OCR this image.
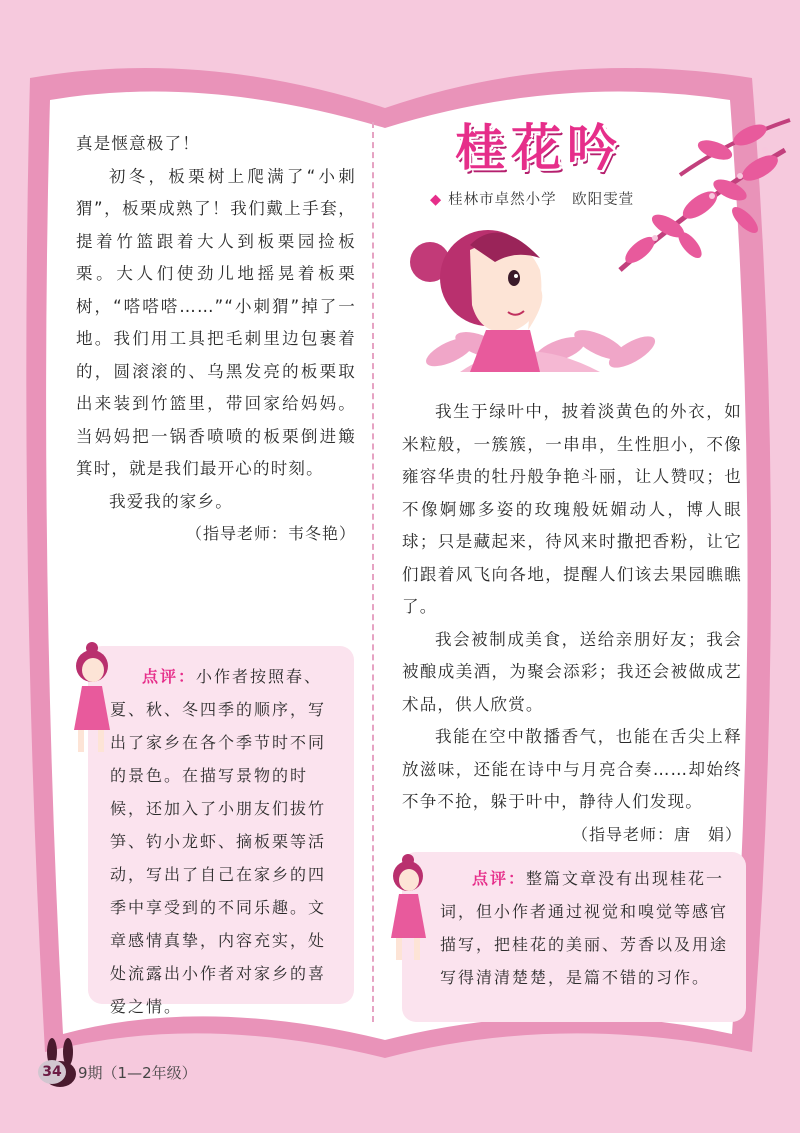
真是惬意极了！

初冬，板栗树上爬满了“小刺猬”，板栗成熟了！我们戴上手套，提着竹篮跟着大人到板栗园捡板栗。大人们使劲儿地摇晃着板栗树，“嗒嗒嗒……”“小刺猬”掉了一地。我们用工具把毛刺里边包裹着的，圆滚滚的、乌黑发亮的板栗取出来装到竹篮里，带回家给妈妈。当妈妈把一锅香喷喷的板栗倒进簸箕时，就是我们最开心的时刻。

我爱我的家乡。

（指导老师：韦冬艳）

点评：小作者按照春、夏、秋、冬四季的顺序，写出了家乡在各个季节时不同的景色。在描写景物的时候，还加入了小朋友们拔竹笋、钓小龙虾、摘板栗等活动，写出了自己在家乡的四季中享受到的不同乐趣。文章感情真挚，内容充实，处处流露出小作者对家乡的喜爱之情。

桂花吟
◆ 桂林市卓然小学　欧阳雯萱

我生于绿叶中，披着淡黄色的外衣，如米粒般，一簇簇，一串串，生性胆小，不像雍容华贵的牡丹般争艳斗丽，让人赞叹；也不像婀娜多姿的玫瑰般妩媚动人，博人眼球；只是藏起来，待风来时撒把香粉，让它们跟着风飞向各地，提醒人们该去果园瞧瞧了。

我会被制成美食，送给亲朋好友；我会被酿成美酒，为聚会添彩；我还会被做成艺术品，供人欣赏。

我能在空中散播香气，也能在舌尖上释放滋味，还能在诗中与月亮合奏……却始终不争不抢，躲于叶中，静待人们发现。

（指导老师：唐　娟）

点评：整篇文章没有出现桂花一词，但小作者通过视觉和嗅觉等感官描写，把桂花的美丽、芳香以及用途写得清清楚楚，是篇不错的习作。

34 9期（1—2年级）
